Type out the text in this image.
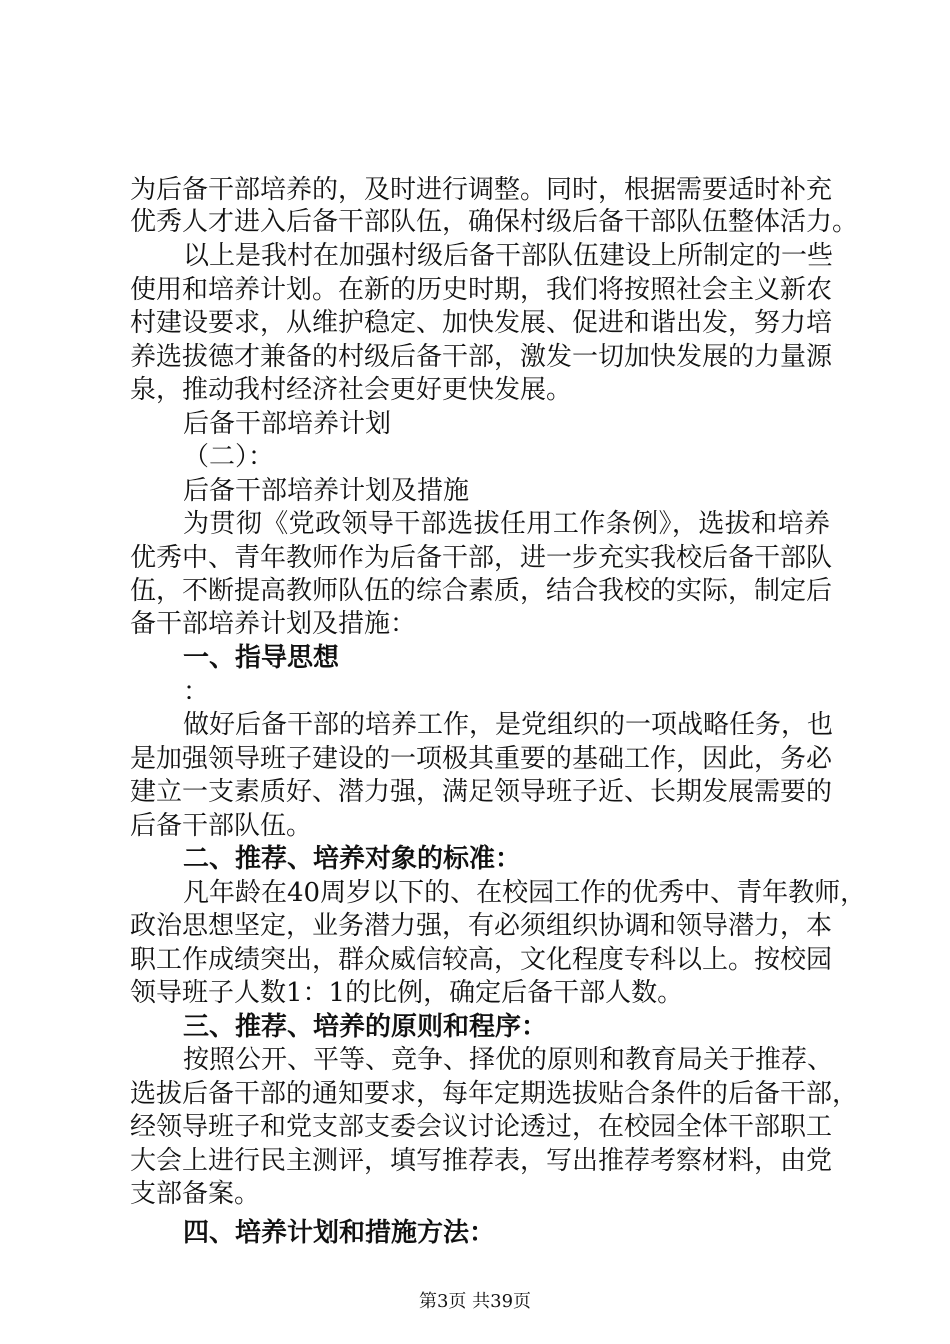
为后备干部培养的，及时进行调整。同时，根据需要适时补充
优秀人才进入后备干部队伍，确保村级后备干部队伍整体活力。
以上是我村在加强村级后备干部队伍建设上所制定的一些
使用和培养计划。在新的历史时期，我们将按照社会主义新农
村建设要求，从维护稳定、加快发展、促进和谐出发，努力培
养选拔德才兼备的村级后备干部，激发一切加快发展的力量源
泉，推动我村经济社会更好更快发展。
后备干部培养计划
（二）：
后备干部培养计划及措施
为贯彻《党政领导干部选拔任用工作条例》，选拔和培养
优秀中、青年教师作为后备干部，进一步充实我校后备干部队
伍，不断提高教师队伍的综合素质，结合我校的实际，制定后
备干部培养计划及措施：
一、指导思想
：
做好后备干部的培养工作，是党组织的一项战略任务，也
是加强领导班子建设的一项极其重要的基础工作，因此，务必
建立一支素质好、潜力强，满足领导班子近、长期发展需要的
后备干部队伍。
二、推荐、培养对象的标准：
凡年龄在40周岁以下的、在校园工作的优秀中、青年教师，
政治思想坚定，业务潜力强，有必须组织协调和领导潜力，本
职工作成绩突出，群众威信较高，文化程度专科以上。按校园
领导班子人数1：1的比例，确定后备干部人数。
三、推荐、培养的原则和程序：
按照公开、平等、竞争、择优的原则和教育局关于推荐、
选拔后备干部的通知要求，每年定期选拔贴合条件的后备干部，
经领导班子和党支部支委会议讨论透过，在校园全体干部职工
大会上进行民主测评，填写推荐表，写出推荐考察材料，由党
支部备案。
四、培养计划和措施方法：
第3页 共39页
